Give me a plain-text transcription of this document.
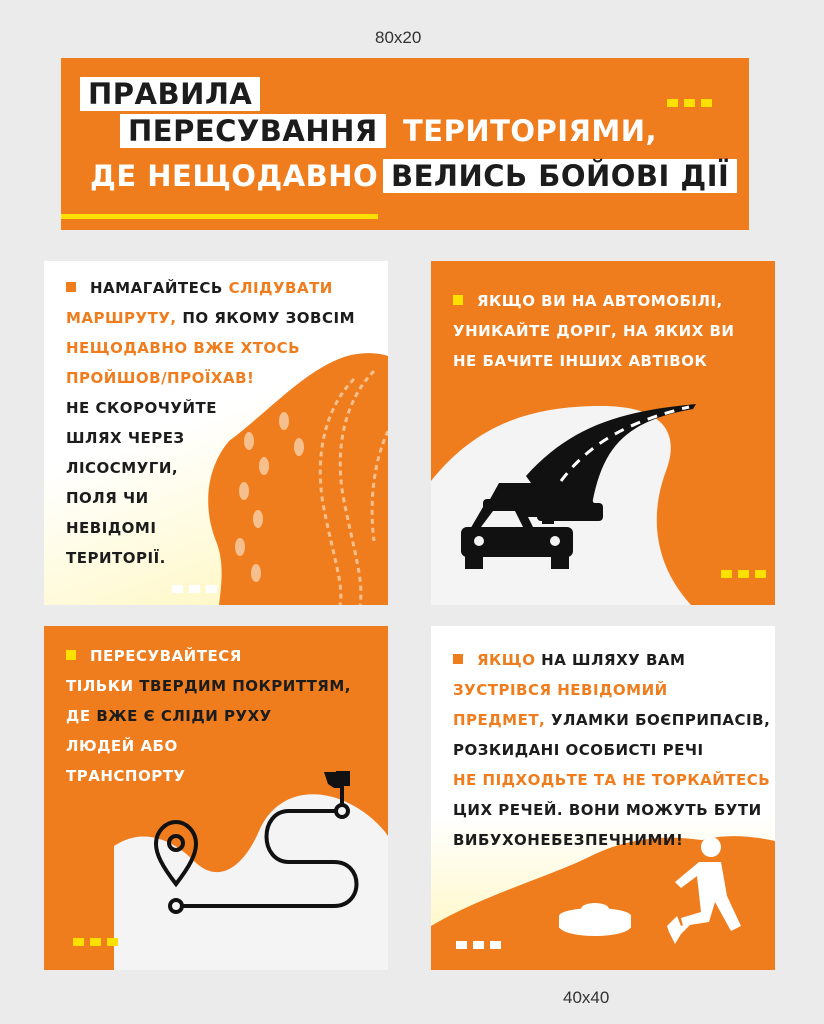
80x20
ПРАВИЛА
ПЕРЕСУВАННЯ ТЕРИТОРІЯМИ,
ДЕ НЕЩОДАВНО ВЕЛИСЬ БОЙОВІ ДІЇ
НАМАГАЙТЕСЬ СЛІДУВАТИ
МАРШРУТУ, ПО ЯКОМУ ЗОВСІМ
НЕЩОДАВНО ВЖЕ ХТОСЬ
ПРОЙШОВ/ПРОЇХАВ!
НЕ СКОРОЧУЙТЕ
ШЛЯХ ЧЕРЕЗ
ЛІСОСМУГИ,
ПОЛЯ ЧИ
НЕВІДОМІ
ТЕРИТОРІЇ.
ЯКЩО ВИ НА АВТОМОБІЛІ,
УНИКАЙТЕ ДОРІГ, НА ЯКИХ ВИ
НЕ БАЧИТЕ ІНШИХ АВТІВОК
ПЕРЕСУВАЙТЕСЯ
ТІЛЬКИ ТВЕРДИМ ПОКРИТТЯМ,
ДЕ ВЖЕ Є СЛІДИ РУХУ
ЛЮДЕЙ АБО
ТРАНСПОРТУ
ЯКЩО НА ШЛЯХУ ВАМ
ЗУСТРІВСЯ НЕВІДОМИЙ
ПРЕДМЕТ, УЛАМКИ БОЄПРИПАСІВ,
РОЗКИДАНІ ОСОБИСТІ РЕЧІ
НЕ ПІДХОДЬТЕ ТА НЕ ТОРКАЙТЕСЬ
ЦИХ РЕЧЕЙ. ВОНИ МОЖУТЬ БУТИ
ВИБУХОНЕБЕЗПЕЧНИМИ!
40x40
